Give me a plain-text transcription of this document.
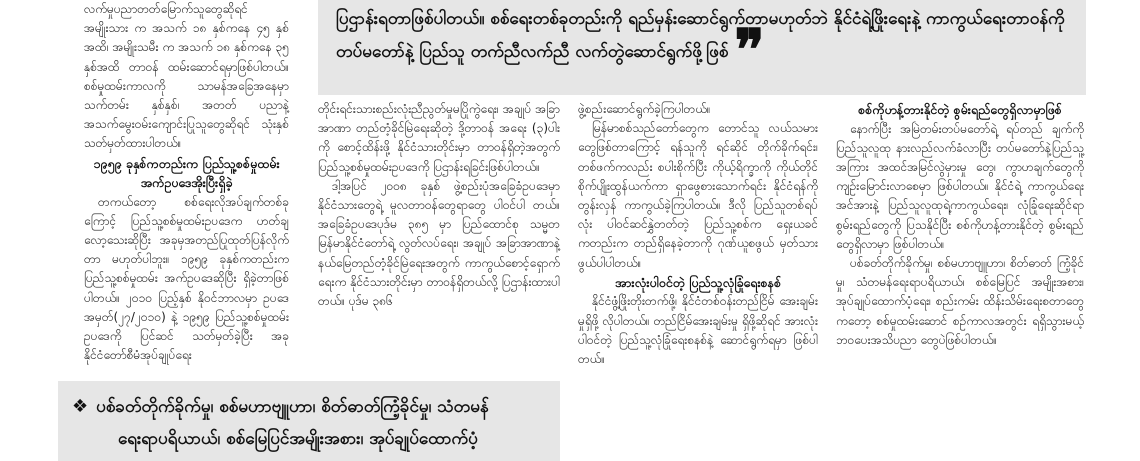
လက်မှုပညာတတ်မြောက်သူတွေဆိုရင် အမျိုးသား က အသက် ၁၈ နှစ်ကနေ ၄၅ နှစ်အထိ၊ အမျိုးသမီး က အသက် ၁၈ နှစ်ကနေ ၃၅ နှစ်အထိ တာဝန် ထမ်းဆောင်ရမှာဖြစ်ပါတယ်။ စစ်မှုထမ်းကာလကို သာမန်အခြေအနေမှာ သက်တမ်း နှစ်နှစ်၊ အတတ် ပညာနဲ့ အသက်မွေးဝမ်းကျောင်းပြုသူတွေဆိုရင် သုံးနှစ် သတ်မှတ်ထားပါတယ်။

၁၉၅၉ ခုနှစ်ကတည်းက ပြည်သူ့စစ်မှုထမ်း အက်ဥပဒေအိုးပြီးရှိခဲ့

တကယ်တော့ စစ်ရေးလိုအပ်ချက်တစ်ခုကြောင့် ပြည်သူ့စစ်မှုထမ်းဥပဒေက ဟတ်ချလော့သေးဆိုပြီး အခုမှအတည်ပြုထုတ်ပြန်လိုက်တာ မဟုတ်ပါဘူး။ ၁၉၅၉ ခုနှစ်ကတည်းက ပြည်သူ့စစ်မှုထမ်း အက်ဥပဒေဆိုပြီး ရှိခဲ့တာဖြစ်ပါတယ်။ ၂၀၁၀ ပြည့်နှစ် နိုဝင်ဘာလမှာ ဥပဒေအမှတ်(၂၇/၂၀၁၀) နဲ့ ၁၉၅၉ ပြည်သူ့စစ်မှုထမ်းဥပဒေကို ပြင်ဆင် သတ်မှတ်ခဲ့ပြီး အခု နိုင်ငံတော်စီမံအုပ်ချုပ်ရေး

ပြဌာန်းရတာဖြစ်ပါတယ်။ စစ်ရေးတစ်ခုတည်းကို ရည်မှန်းဆောင်ရွက်တာမဟုတ်ဘဲ နိုင်ငံရဲ့ဖြိုးရေးနဲ့ ကာကွယ်ရေးတာဝန်ကို တပ်မတော်နဲ့ ပြည်သူ တက်ညီလက်ညီ လက်တွဲဆောင်ရွက်ဖို့ဖြစ် ❞

တိုင်းရင်းသားစည်းလုံးညီညွတ်မှုမပြိုကွဲရေး၊ အချုပ် အခြာအာဏာ တည်တံ့ခိုင်မြဲရေးဆိုတဲ့ ဒို့တာဝန် အရေး (၃)ပါးကို စောင့်ထိန်းဖို့ နိုင်ငံသားတိုင်းမှာ တာဝန်ရှိတဲ့အတွက် ပြည်သူ့စစ်မှုထမ်းဥပဒေကို ပြဌာန်းရခြင်းဖြစ်ပါတယ်။

ဒါ့အပြင် ၂၀၀၈ ခုနှစ် ဖွဲ့စည်းပုံအခြေခံဥပဒေမှာ နိုင်ငံသားတွေရဲ့ မူလတာဝန်တွေရာတွေ ပါဝင်ပါ တယ်။ အခြေခံဥပဒေပုဒ်မ ၃၈၅ မှာ ပြည်ထောင်စု သမ္မတမြန်မာနိုင်ငံတော်ရဲ့ လွတ်လပ်ရေး၊ အချုပ် အခြာအာဏာနဲ့ နယ်မြေတည်တံ့ခိုင်မြဲရေးအတွက် ကာကွယ်စောင့်ရှောက်ရေးက နိုင်ငံသားတိုင်းမှာ တာဝန်ရှိတယ်လို့ ပြဌာန်းထားပါတယ်။ ပုဒ်မ ၃၈၆

ဖွဲ့စည်းဆောင်ရွက်ခဲ့ကြပါတယ်။

မြန်မာစစ်သည်တော်တွေက တောင်သူ လယ်သမားတွေဖြစ်တာကြောင့် ရန်သူကို ရင်ဆိုင် တိုက်ခိုက်ရင်း၊ တစ်ဖက်ကလည်း စပါးစိုက်ပြီး ကိုယ့်ရိက္ခာကို ကိုယ်တိုင်စိုက်ပျိုးထွန်ယက်ကာ ရှာဖွေစားသောက်ရင်း နိုင်ငံရန်ကို တွန်းလှန် ကာကွယ်ခဲ့ကြပါတယ်။ ဒီလို ပြည်သူတစ်ရပ်လုံး ပါဝင်ဆင်နွှဲတတ်တဲ့ ပြည်သူ့စစ်က ရှေးယခင် ကတည်းက တည်ရှိနေခဲ့တာကို ဂုဏ်ယူစဖွယ် မှတ်သားဖွယ်ပါပါတယ်။

အားလုံးပါဝင်တဲ့ ပြည်သူ့လုံခြုံရေးစနစ်

နိုင်ငံဖွံ့ဖြိုးတိုးတက်ဖို့၊ နိုင်ငံတစ်ဝန်းတည်ငြိမ် အေးချမ်းမှုရှိဖို့ လိုပါတယ်။ တည်ငြိမ်အေးချမ်းမှု ရှိဖို့ဆိုရင် အားလုံးပါဝင်တဲ့ ပြည်သူ့လုံခြုံရေးစနစ်နဲ့ ဆောင်ရွက်ရမှာ ဖြစ်ပါတယ်။

စစ်ကိုဟန့်တားနိုင်တဲ့ စွမ်းရည်တွေရှိလာမှာဖြစ်

နောက်ပြီး အမြဲတမ်းတပ်မတော်ရဲ့ ရပ်တည် ချက်ကို ပြည်သူလူထု နားလည်လက်ခံလာပြီး တပ်မတော်နဲ့ပြည်သူ့အကြား အထင်အမြင်လွဲမှားမှု တွေ၊ ကွာဟချက်တွေကို ကျဉ်းမြောင်းလာစေမှာ ဖြစ်ပါတယ်။ နိုင်ငံရဲ့ ကာကွယ်ရေးအင်အားနဲ့ ပြည်သူလူထုရဲ့ကာကွယ်ရေး၊ လုံခြုံရေးဆိုင်ရာ စွမ်းရည်တွေကို ပြသနိုင်ပြီး စစ်ကိုဟန့်တားနိုင်တဲ့ စွမ်းရည်တွေရှိလာမှာ ဖြစ်ပါတယ်။

ပစ်ခတ်တိုက်ခိုက်မှု၊ စစ်မဟာဗျူဟာ၊ စိတ်ဓာတ် ကြံ့ခိုင်မှု၊ သံတမန်ရေးရာပရိယာယ်၊ စစ်မြေပြင် အမျိုးအစား၊ အုပ်ချုပ်ထောက်ပံ့ရေး၊ စည်းကမ်း ထိန်းသိမ်းရေးစတာတွေကတော့ စစ်မှုထမ်းဆောင် စဉ်ကာလအတွင်း ရရှိသွားမယ့် ဘဝပေးအသိပညာ တွေပဲဖြစ်ပါတယ်။

❖ ပစ်ခတ်တိုက်ခိုက်မှု၊ စစ်မဟာဗျူဟာ၊ စိတ်ဓာတ်ကြံ့ခိုင်မှု၊ သံတမန်

ရေးရာပရိယာယ်၊ စစ်မြေပြင်အမျိုးအစား၊ အုပ်ချုပ်ထောက်ပံ့
